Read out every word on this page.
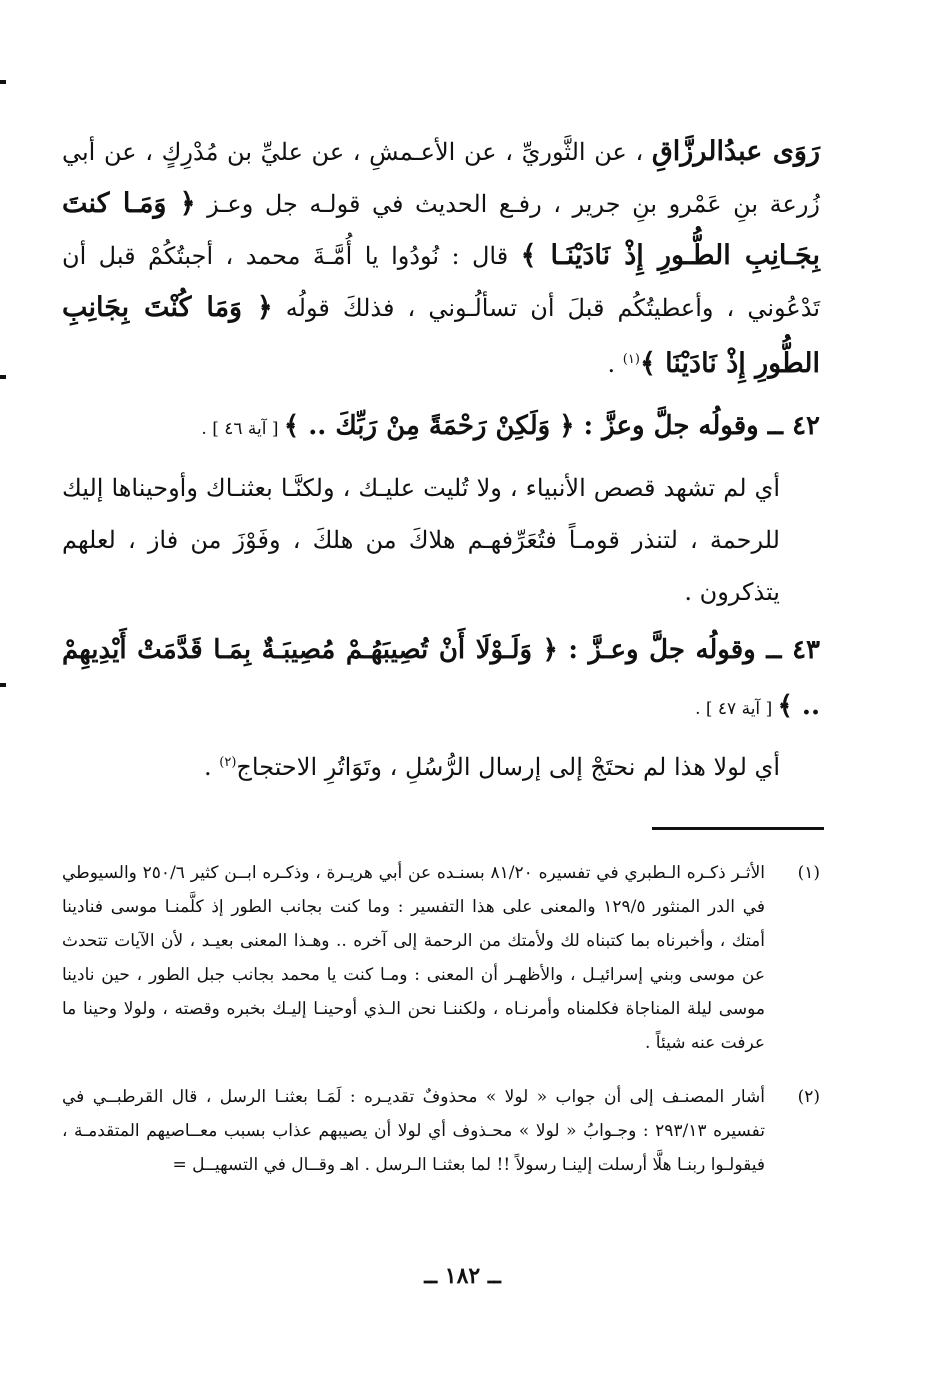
رَوَى عبدُالرزَّاقِ ، عن الثَّوريِّ ، عن الأعـمشِ ، عن عليِّ بن مُدْرِكٍ ، عن أبي زُرعة بنِ عَمْرو بنِ جرير ، رفـع الحديث في قولـه جل وعـز ﴿ وَمَـا كنتَ بِجَـانِبِ الطُّـورِ إِذْ نَادَيْنَـا ﴾ قال : نُودُوا يا أُمَّـةَ محمد ، أجبتُكُمْ قبل أن تَدْعُوني ، وأعطيتُكُم قبلَ أن تسألُـوني ، فذلكَ قولُه ﴿ وَمَا كُنْتَ بِجَانِبِ الطُّورِ إِذْ نَادَيْنَا ﴾$^{(١)}$ .
٤٢ ــ وقولُه جلَّ وعزَّ : ﴿ وَلَكِنْ رَحْمَةً مِنْ رَبِّكَ .. ﴾ [ آية ٤٦ ] .
أي لم تشهد قصص الأنبياء ، ولا تُليت عليـك ، ولكنَّـا بعثنـاك وأوحيناها إليك للرحمة ، لتنذر قومـاً فتُعَرِّفهـم هلاكَ من هلكَ ، وفَوْزَ من فاز ، لعلهم يتذكرون .
٤٣ ــ وقولُه جلَّ وعـزَّ : ﴿ وَلَـوْلَا أَنْ تُصِيبَهُـمْ مُصِيبَـةٌ بِمَـا قَدَّمَتْ أَيْدِيهِمْ .. ﴾ [ آية ٤٧ ] .
أي لولا هذا لم نحتَجْ إلى إرسال الرُّسُلِ ، وتَوَاتُرِ الاحتجاج$^{(٢)}$ .
(١)
الأثـر ذكـره الـطبري في تفسيره ٨١/٢٠ بسنـده عن أبي هريـرة ، وذكـره ابــن كثير ٢٥٠/٦ والسيوطي في الدر المنثور ١٢٩/٥ والمعنى على هذا التفسير : وما كنت بجانب الطور إذ كلَّمنـا موسى فنادينا أمتك ، وأخبرناه بما كتبناه لك ولأمتك من الرحمة إلى آخره .. وهـذا المعنى بعيـد ، لأن الآيات تتحدث عن موسى وبني إسرائيـل ، والأظهـر أن المعنى : ومـا كنت يا محمد بجانب جبل الطور ، حين نادينا موسى ليلة المناجاة فكلمناه وأمرنـاه ، ولكننـا نحن الـذي أوحينـا إليـك بخبره وقصته ، ولولا وحينا ما عرفت عنه شيئاً .
(٢)
أشار المصنـف إلى أن جواب « لولا » محذوفٌ تقديـره : لَمَـا بعثنـا الرسل ، قال القرطبــي في تفسيره ٢٩٣/١٣ : وجـوابُ « لولا » محـذوف أي لولا أن يصيبهم عذاب بسبب معــاصيهم المتقدمـة ، فيقولـوا ربنـا هلَّا أرسلت إلينـا رسولاً !! لما بعثنـا الـرسل . اهـ وقــال في التسهيــل =
ــ ١٨٢ ــ
